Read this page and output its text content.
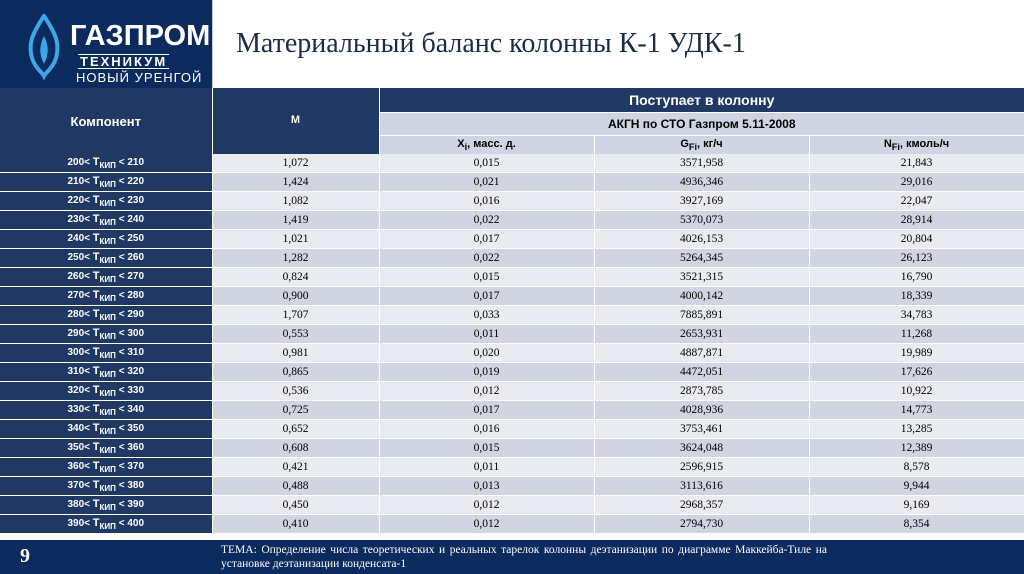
ГАЗПРОМ
ТЕХНИКУМ
НОВЫЙ УРЕНГОЙ
Материальный баланс колонны К-1 УДК-1
Компонент	М	Поступает в колонну		
		АКГН по СТО Газпром 5.11-2008		
		$X_i$, масс. д.	$G_{Fi}$, кг/ч	$N_{Fi}$, кмоль/ч
$200< T_{КИП} < 210$	1,072	0,015	3571,958	21,843
$210< T_{КИП} < 220$	1,424	0,021	4936,346	29,016
$220< T_{КИП} < 230$	1,082	0,016	3927,169	22,047
$230< T_{КИП} < 240$	1,419	0,022	5370,073	28,914
$240< T_{КИП} < 250$	1,021	0,017	4026,153	20,804
$250< T_{КИП} < 260$	1,282	0,022	5264,345	26,123
$260< T_{КИП} < 270$	0,824	0,015	3521,315	16,790
$270< T_{КИП} < 280$	0,900	0,017	4000,142	18,339
$280< T_{КИП} < 290$	1,707	0,033	7885,891	34,783
$290< T_{КИП} < 300$	0,553	0,011	2653,931	11,268
$300< T_{КИП} < 310$	0,981	0,020	4887,871	19,989
$310< T_{КИП} < 320$	0,865	0,019	4472,051	17,626
$320< T_{КИП} < 330$	0,536	0,012	2873,785	10,922
$330< T_{КИП} < 340$	0,725	0,017	4028,936	14,773
$340< T_{КИП} < 350$	0,652	0,016	3753,461	13,285
$350< T_{КИП} < 360$	0,608	0,015	3624,048	12,389
$360< T_{КИП} < 370$	0,421	0,011	2596,915	8,578
$370< T_{КИП} < 380$	0,488	0,013	3113,616	9,944
$380< T_{КИП} < 390$	0,450	0,012	2968,357	9,169
$390< T_{КИП} < 400$	0,410	0,012	2794,730	8,354
9	ТЕМА: Определение числа теоретических и реальных тарелок колонны деэтанизации по диаграмме Маккейба-Тиле на установке деэтанизации конденсата-1
